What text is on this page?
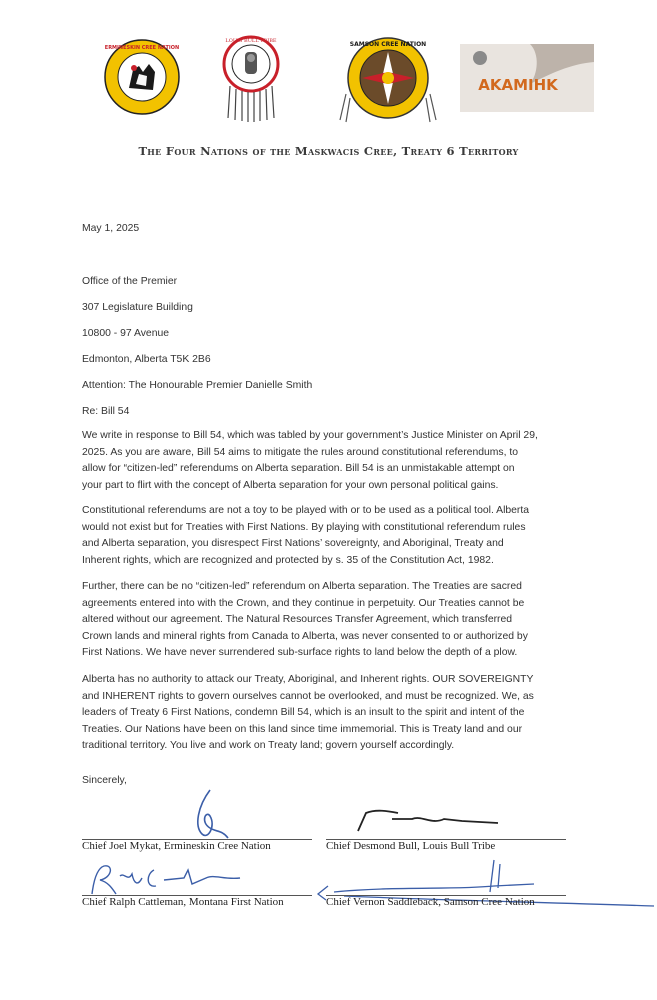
ERMINESKIN CREE NATION
LOUIS BULL TRIBE	SAMSON CREE NATION
AKAMIHK
The Four Nations of the Maskwacis Cree, Treaty 6 Territory
May 1, 2025
Office of the Premier
307 Legislature Building
10800 - 97 Avenue
Edmonton, Alberta T5K 2B6
Attention: The Honourable Premier Danielle Smith
Re: Bill 54
We write in response to Bill 54, which was tabled by your government’s Justice Minister on April 29,
2025. As you are aware, Bill 54 aims to mitigate the rules around constitutional referendums, to
allow for “citizen-led” referendums on Alberta separation. Bill 54 is an unmistakable attempt on
your part to flirt with the concept of Alberta separation for your own personal political gains.
Constitutional referendums are not a toy to be played with or to be used as a political tool. Alberta
would not exist but for Treaties with First Nations. By playing with constitutional referendum rules
and Alberta separation, you disrespect First Nations’ sovereignty, and Aboriginal, Treaty and
Inherent rights, which are recognized and protected by s. 35 of the Constitution Act, 1982.
Further, there can be no “citizen-led” referendum on Alberta separation. The Treaties are sacred
agreements entered into with the Crown, and they continue in perpetuity. Our Treaties cannot be
altered without our agreement. The Natural Resources Transfer Agreement, which transferred
Crown lands and mineral rights from Canada to Alberta, was never consented to or authorized by
First Nations. We have never surrendered sub-surface rights to land below the depth of a plow.
Alberta has no authority to attack our Treaty, Aboriginal, and Inherent rights. OUR SOVEREIGNTY
and INHERENT rights to govern ourselves cannot be overlooked, and must be recognized. We, as
leaders of Treaty 6 First Nations, condemn Bill 54, which is an insult to the spirit and intent of the
Treaties. Our Nations have been on this land since time immemorial. This is Treaty land and our
traditional territory. You live and work on Treaty land; govern yourself accordingly.
Sincerely,
Chief Joel Mykat, Ermineskin Cree Nation	Chief Desmond Bull, Louis Bull Tribe
Chief Ralph Cattleman, Montana First Nation	Chief Vernon Saddleback, Samson Cree Nation
